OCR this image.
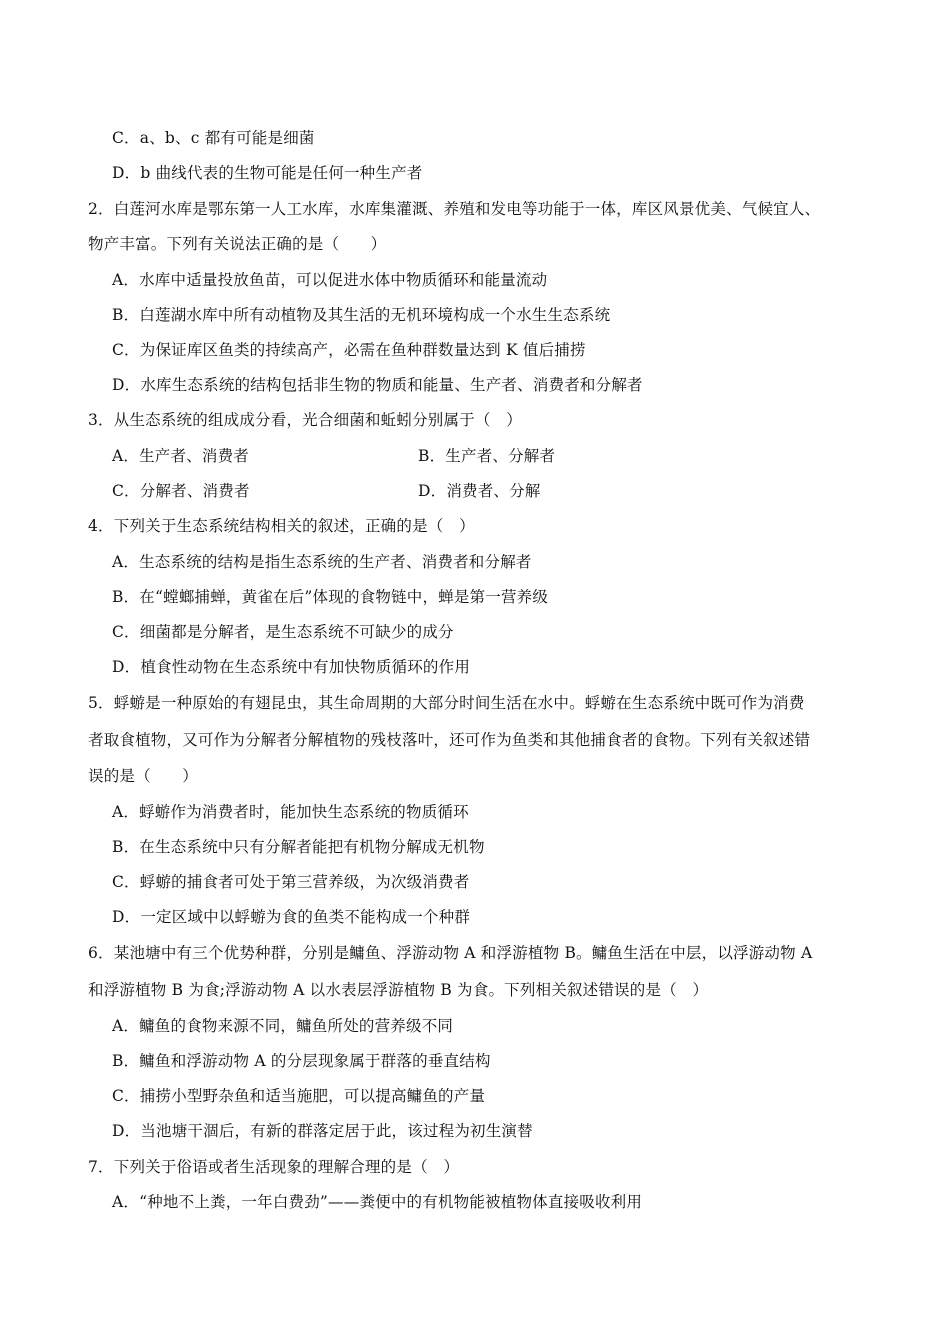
C．a、b、c 都有可能是细菌
D．b 曲线代表的生物可能是任何一种生产者
2．白莲河水库是鄂东第一人工水库，水库集灌溉、养殖和发电等功能于一体，库区风景优美、气候宜人、
物产丰富。下列有关说法正确的是（　　）
A．水库中适量投放鱼苗，可以促进水体中物质循环和能量流动
B．白莲湖水库中所有动植物及其生活的无机环境构成一个水生生态系统
C．为保证库区鱼类的持续高产，必需在鱼种群数量达到 K 值后捕捞
D．水库生态系统的结构包括非生物的物质和能量、生产者、消费者和分解者
3．从生态系统的组成成分看，光合细菌和蚯蚓分别属于（　）
A．生产者、消费者	B．生产者、分解者
C．分解者、消费者	D．消费者、分解
4．下列关于生态系统结构相关的叙述，正确的是（　）
A．生态系统的结构是指生态系统的生产者、消费者和分解者
B．在“螳螂捕蝉，黄雀在后”体现的食物链中，蝉是第一营养级
C．细菌都是分解者，是生态系统不可缺少的成分
D．植食性动物在生态系统中有加快物质循环的作用
5．蜉蝣是一种原始的有翅昆虫，其生命周期的大部分时间生活在水中。蜉蝣在生态系统中既可作为消费
者取食植物，又可作为分解者分解植物的残枝落叶，还可作为鱼类和其他捕食者的食物。下列有关叙述错
误的是（　　）
A．蜉蝣作为消费者时，能加快生态系统的物质循环
B．在生态系统中只有分解者能把有机物分解成无机物
C．蜉蝣的捕食者可处于第三营养级，为次级消费者
D．一定区域中以蜉蝣为食的鱼类不能构成一个种群
6．某池塘中有三个优势种群，分别是鳙鱼、浮游动物 A 和浮游植物 B。鳙鱼生活在中层，以浮游动物 A
和浮游植物 B 为食;浮游动物 A 以水表层浮游植物 B 为食。下列相关叙述错误的是（　）
A．鳙鱼的食物来源不同，鳙鱼所处的营养级不同
B．鳙鱼和浮游动物 A 的分层现象属于群落的垂直结构
C．捕捞小型野杂鱼和适当施肥，可以提高鳙鱼的产量
D．当池塘干涸后，有新的群落定居于此，该过程为初生演替
7．下列关于俗语或者生活现象的理解合理的是（　）
A．“种地不上粪，一年白费劲”——粪便中的有机物能被植物体直接吸收利用
